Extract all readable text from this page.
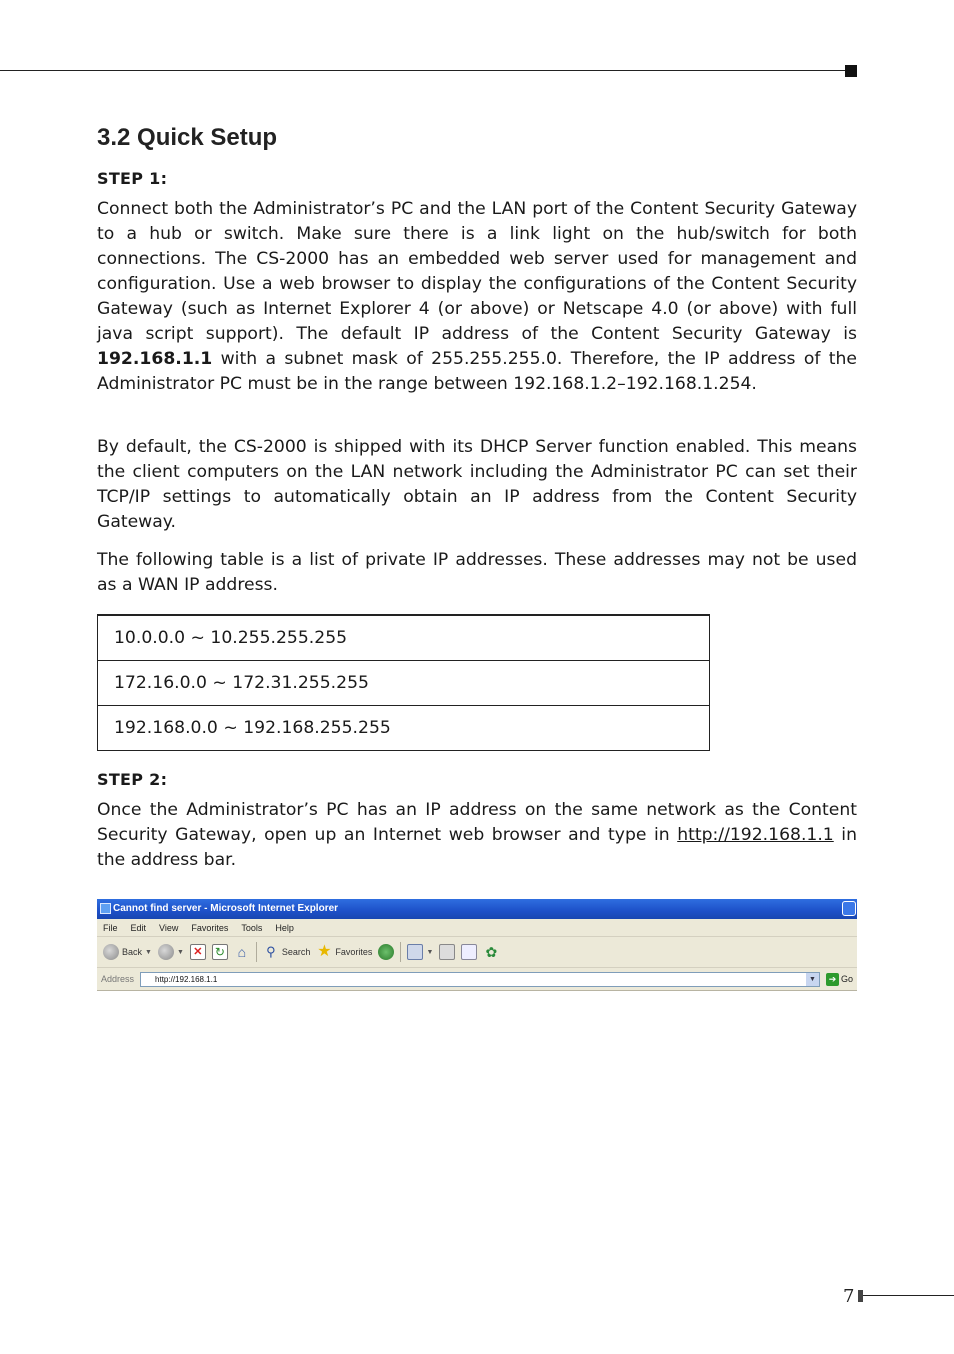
3.2 Quick Setup

STEP 1:

Connect both the Administrator’s PC and the LAN port of the Content Security Gateway to a hub or switch. Make sure there is a link light on the hub/switch for both connections. The CS-2000 has an embedded web server used for management and configuration. Use a web browser to display the configurations of the Content Security Gateway (such as Internet Explorer 4 (or above) or Netscape 4.0 (or above) with full java script support). The default IP address of the Content Security Gateway is 192.168.1.1 with a subnet mask of 255.255.255.0. Therefore, the IP address of the Administrator PC must be in the range between 192.168.1.2–192.168.1.254.

By default, the CS-2000 is shipped with its DHCP Server function enabled. This means the client computers on the LAN network including the Administrator PC can set their TCP/IP settings to automatically obtain an IP address from the Content Security Gateway.

The following table is a list of private IP addresses. These addresses may not be used as a WAN IP address.

10.0.0.0 ~ 10.255.255.255
172.16.0.0 ~ 172.31.255.255
192.168.0.0 ~ 192.168.255.255

STEP 2:

Once the Administrator’s PC has an IP address on the same network as the Content Security Gateway, open up an Internet web browser and type in http://192.168.1.1 in the address bar.

Cannot find server - Microsoft Internet Explorer
File Edit View Favorites Tools Help
Back ▼	▼ ✕ ↻ ⌂ ⚲ Search ★ Favorites	▼	✿
Address	http://192.168.1.1	▼	➔ Go
7
